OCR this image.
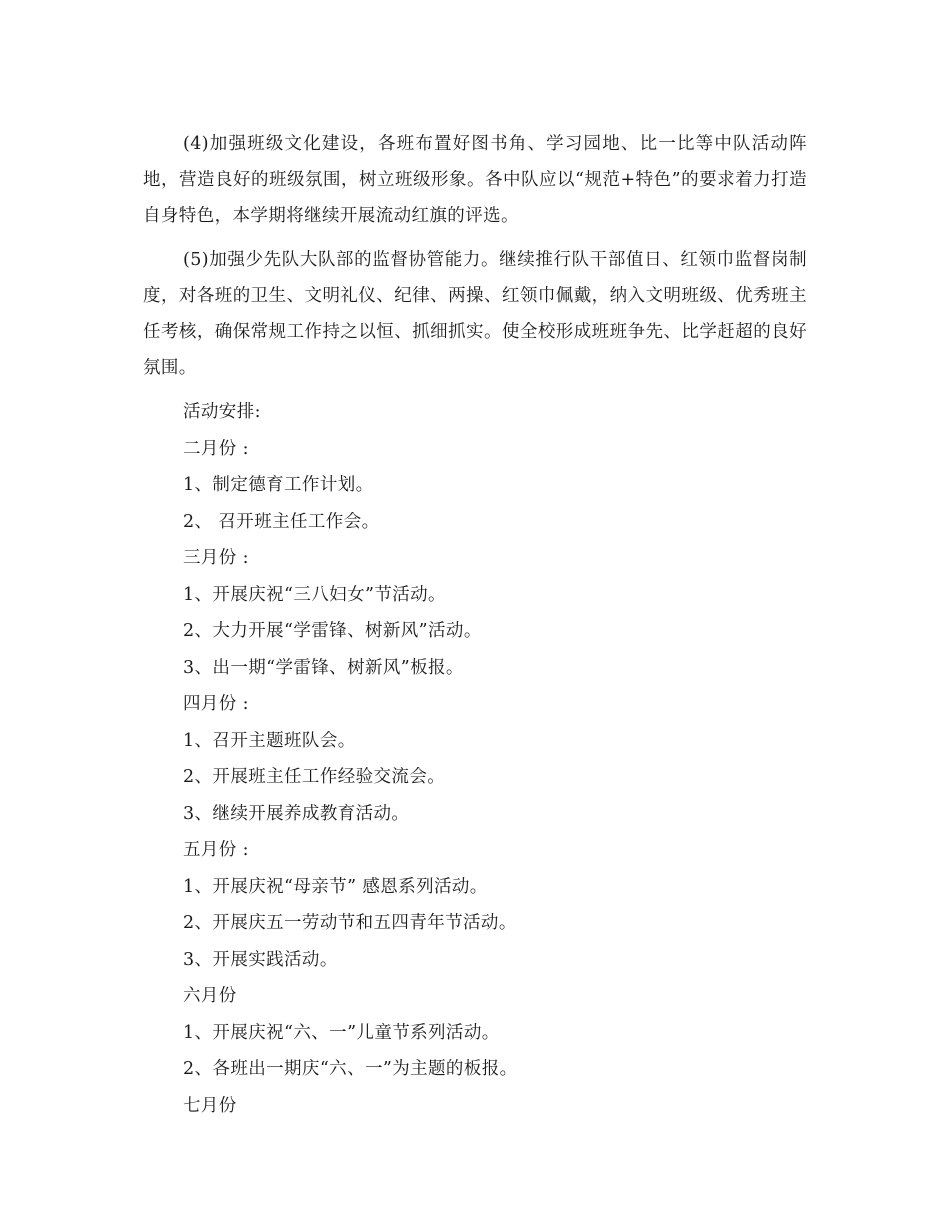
(4)加强班级文化建设，各班布置好图书角、学习园地、比一比等中队活动阵地，营造良好的班级氛围，树立班级形象。各中队应以“规范+特色”的要求着力打造自身特色，本学期将继续开展流动红旗的评选。

(5)加强少先队大队部的监督协管能力。继续推行队干部值日、红领巾监督岗制度，对各班的卫生、文明礼仪、纪律、两操、红领巾佩戴，纳入文明班级、优秀班主任考核，确保常规工作持之以恒、抓细抓实。使全校形成班班争先、比学赶超的良好氛围。

活动安排:

二月份 :

1、制定德育工作计划。

2、 召开班主任工作会。

三月份 :

1、开展庆祝“三八妇女”节活动。

2、大力开展“学雷锋、树新风”活动。

3、出一期“学雷锋、树新风”板报。

四月份 :

1、召开主题班队会。

2、开展班主任工作经验交流会。

3、继续开展养成教育活动。

五月份 :

1、开展庆祝“母亲节” 感恩系列活动。

2、开展庆五一劳动节和五四青年节活动。

3、开展实践活动。

六月份

1、开展庆祝“六、一”儿童节系列活动。

2、各班出一期庆“六、一”为主题的板报。

七月份
